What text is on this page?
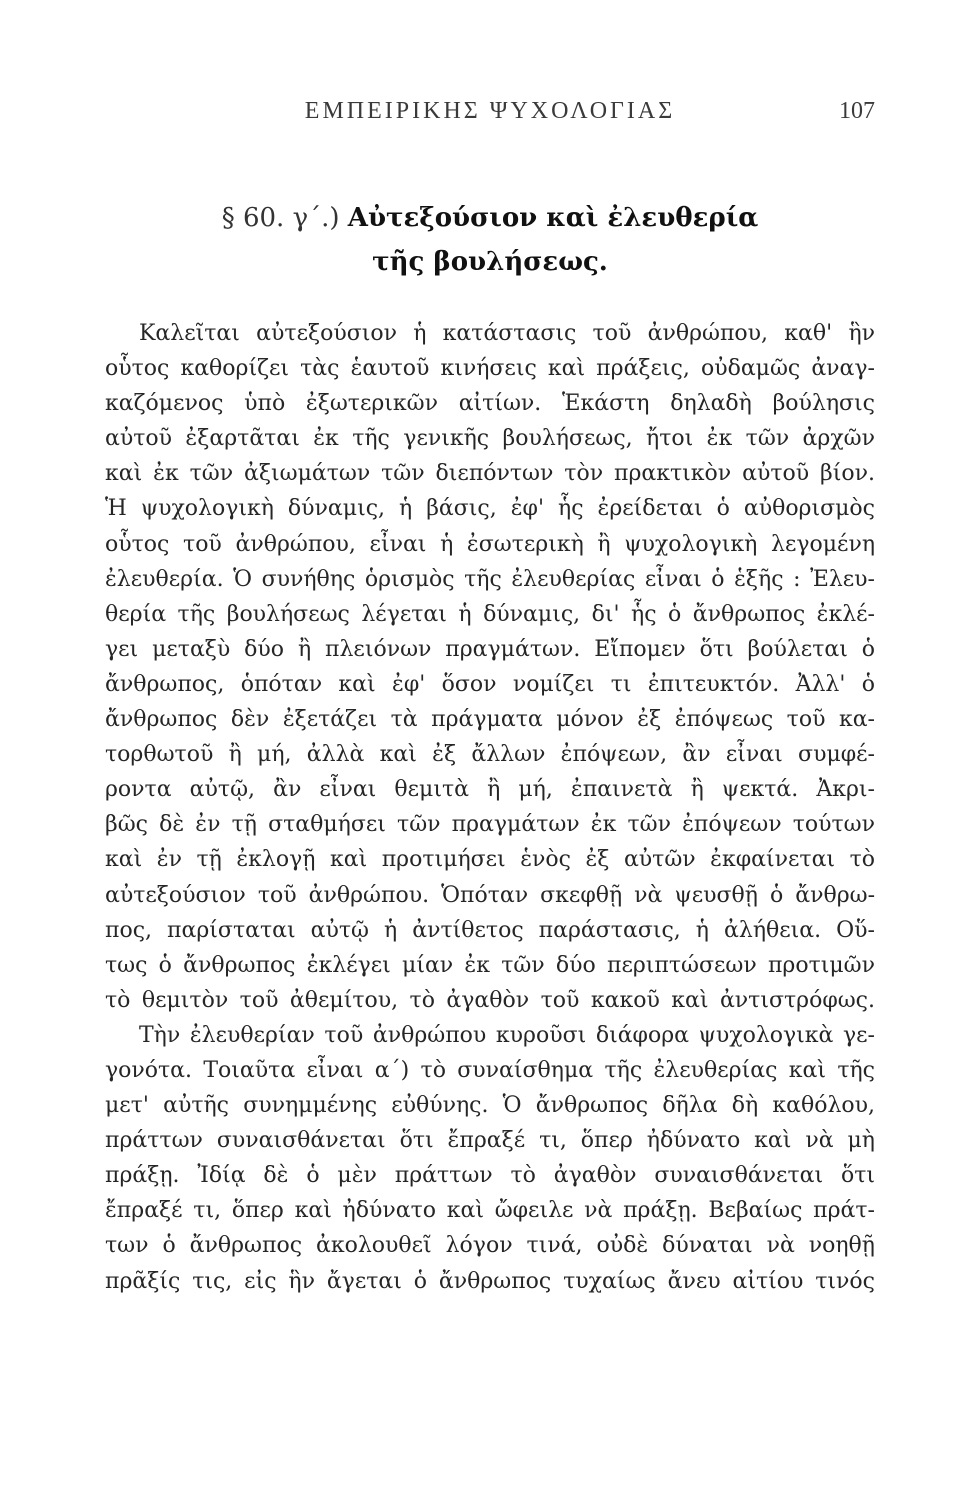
ΕΜΠΕΙΡΙΚΗΣ ΨΥΧΟΛΟΓΙΑΣ	107
§ 60. γ΄.) Αὐτεξούσιον καὶ ἐλευθερία
τῆς βουλήσεως.
Καλεῖται αὐτεξούσιον ἡ κατάστασις τοῦ ἀνθρώπου, καθ' ἣν
οὗτος καθορίζει τὰς ἑαυτοῦ κινήσεις καὶ πράξεις, οὐδαμῶς ἀναγ-
καζόμενος ὑπὸ ἐξωτερικῶν αἰτίων. Ἑκάστη δηλαδὴ βούλησις
αὐτοῦ ἐξαρτᾶται ἐκ τῆς γενικῆς βουλήσεως, ἤτοι ἐκ τῶν ἀρχῶν
καὶ ἐκ τῶν ἀξιωμάτων τῶν διεπόντων τὸν πρακτικὸν αὐτοῦ βίον.
Ἡ ψυχολογικὴ δύναμις, ἡ βάσις, ἐφ' ἧς ἐρείδεται ὁ αὐθορισμὸς
οὗτος τοῦ ἀνθρώπου, εἶναι ἡ ἐσωτερικὴ ἢ ψυχολογικὴ λεγομένη
ἐλευθερία. Ὁ συνήθης ὁρισμὸς τῆς ἐλευθερίας εἶναι ὁ ἑξῆς : Ἐλευ-
θερία τῆς βουλήσεως λέγεται ἡ δύναμις, δι' ἧς ὁ ἄνθρωπος ἐκλέ-
γει μεταξὺ δύο ἢ πλειόνων πραγμάτων. Εἴπομεν ὅτι βούλεται ὁ
ἄνθρωπος, ὁπόταν καὶ ἐφ' ὅσον νομίζει τι ἐπιτευκτόν. Ἀλλ' ὁ
ἄνθρωπος δὲν ἐξετάζει τὰ πράγματα μόνον ἐξ ἐπόψεως τοῦ κα-
τορθωτοῦ ἢ μή, ἀλλὰ καὶ ἐξ ἄλλων ἐπόψεων, ἂν εἶναι συμφέ-
ροντα αὐτῷ, ἂν εἶναι θεμιτὰ ἢ μή, ἐπαινετὰ ἢ ψεκτά. Ἀκρι-
βῶς δὲ ἐν τῇ σταθμήσει τῶν πραγμάτων ἐκ τῶν ἐπόψεων τούτων
καὶ ἐν τῇ ἐκλογῇ καὶ προτιμήσει ἑνὸς ἐξ αὐτῶν ἐκφαίνεται τὸ
αὐτεξούσιον τοῦ ἀνθρώπου. Ὁπόταν σκεφθῇ νὰ ψευσθῇ ὁ ἄνθρω-
πος, παρίσταται αὐτῷ ἡ ἀντίθετος παράστασις, ἡ ἀλήθεια. Οὕ-
τως ὁ ἄνθρωπος ἐκλέγει μίαν ἐκ τῶν δύο περιπτώσεων προτιμῶν
τὸ θεμιτὸν τοῦ ἀθεμίτου, τὸ ἀγαθὸν τοῦ κακοῦ καὶ ἀντιστρόφως.
Τὴν ἐλευθερίαν τοῦ ἀνθρώπου κυροῦσι διάφορα ψυχολογικὰ γε-
γονότα. Τοιαῦτα εἶναι α΄) τὸ συναίσθημα τῆς ἐλευθερίας καὶ τῆς
μετ' αὐτῆς συνημμένης εὐθύνης. Ὁ ἄνθρωπος δῆλα δὴ καθόλου,
πράττων συναισθάνεται ὅτι ἔπραξέ τι, ὅπερ ἠδύνατο καὶ νὰ μὴ
πράξῃ. Ἰδίᾳ δὲ ὁ μὲν πράττων τὸ ἀγαθὸν συναισθάνεται ὅτι
ἔπραξέ τι, ὅπερ καὶ ἠδύνατο καὶ ὤφειλε νὰ πράξῃ. Βεβαίως πράτ-
των ὁ ἄνθρωπος ἀκολουθεῖ λόγον τινά, οὐδὲ δύναται νὰ νοηθῇ
πρᾶξίς τις, εἰς ἣν ἄγεται ὁ ἄνθρωπος τυχαίως ἄνευ αἰτίου τινός
